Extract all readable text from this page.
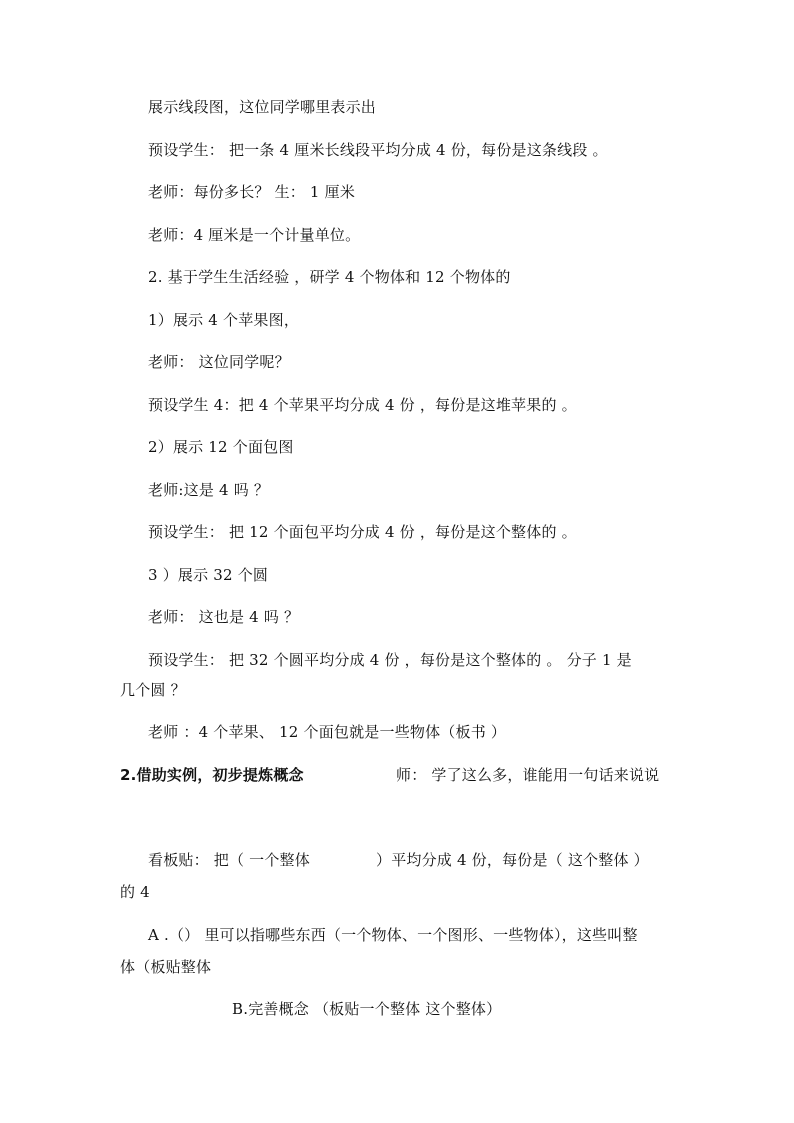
展示线段图，这位同学哪里表示出
预设学生： 把一条 4 厘米长线段平均分成 4 份，每份是这条线段 。
老师：每份多长？ 生： 1 厘米
老师：4 厘米是一个计量单位。
2. 基于学生生活经验 ，研学 4 个物体和 12 个物体的
1）展示 4 个苹果图，
老师： 这位同学呢？
预设学生 4：把 4 个苹果平均分成 4 份 ，每份是这堆苹果的 。
2）展示 12 个面包图
老师:这是 4 吗 ？
预设学生： 把 12 个面包平均分成 4 份 ，每份是这个整体的 。
3 ）展示 32 个圆
老师： 这也是 4 吗 ？
预设学生： 把 32 个圆平均分成 4 份 ，每份是这个整体的 。 分子 1 是
几个圆 ？
老师 ：4 个苹果、 12 个面包就是一些物体（板书 ）
2.借助实例，初步提炼概念	师： 学了这么多，谁能用一句话来说说
看板贴： 把（ 一个整体	）平均分成 4 份，每份是（ 这个整体 ）
的 4
A .（） 里可以指哪些东西（一个物体、一个图形、一些物体），这些叫整
体（板贴整体
B.完善概念 （板贴一个整体 这个整体）
